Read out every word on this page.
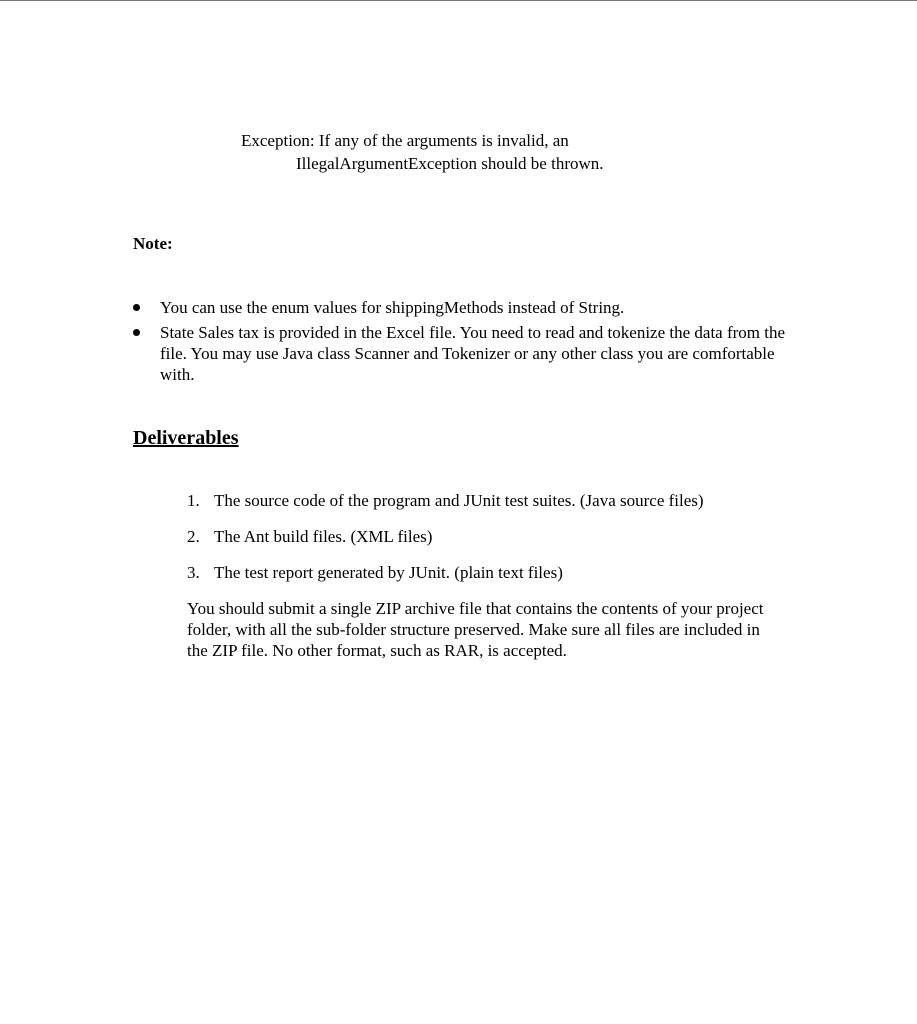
Exception: If any of the arguments is invalid, an
IllegalArgumentException should be thrown.
Note:
You can use the enum values for shippingMethods instead of String.
State Sales tax is provided in the Excel file. You need to read and tokenize the data from the file. You may use Java class Scanner and Tokenizer or any other class you are comfortable with.
Deliverables
1. The source code of the program and JUnit test suites. (Java source files)
2. The Ant build files. (XML files)
3. The test report generated by JUnit. (plain text files)
You should submit a single ZIP archive file that contains the contents of your project folder, with all the sub-folder structure preserved. Make sure all files are included in the ZIP file. No other format, such as RAR, is accepted.
